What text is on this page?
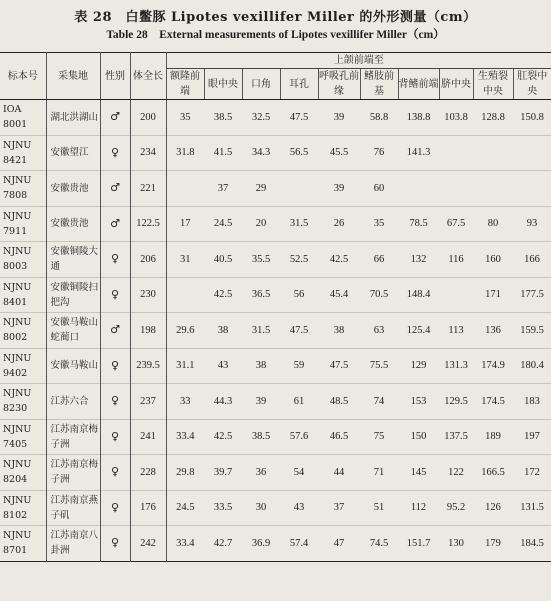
表 28　白鳖豚 Lipotes vexillifer Miller 的外形测量（cm）
Table 28　External measurements of Lipotes vexillifer Miller（cm）
标本号	采集地	性别	体全长	上颌前端至									
				额隆前端	眼中央	口角	耳孔	呼吸孔前缘	鳍肢前基	背鳍前端	脐中央	生殖裂中央	肛裂中央
IOA 8001	湖北洪湖山	♂	200	35	38.5	32.5	47.5	39	58.8	138.8	103.8	128.8	150.8
NJNU 8421	安徽望江	♀	234	31.8	41.5	34.3	56.5	45.5	76	141.3			
NJNU 7808	安徽贵池	♂	221		37	29		39	60				
NJNU 7911	安徽贵池	♂	122.5	17	24.5	20	31.5	26	35	78.5	67.5	80	93
NJNU 8003	安徽铜陵大通	♀	206	31	40.5	35.5	52.5	42.5	66	132	116	160	166
NJNU 8401	安徽铜陵扫把沟	♀	230		42.5	36.5	56	45.4	70.5	148.4		171	177.5
NJNU 8002	安徽马鞍山蛇蔺口	♂	198	29.6	38	31.5	47.5	38	63	125.4	113	136	159.5
NJNU 9402	安徽马鞍山	♀	239.5	31.1	43	38	59	47.5	75.5	129	131.3	174.9	180.4
NJNU 8230	江苏六合	♀	237	33	44.3	39	61	48.5	74	153	129.5	174.5	183
NJNU 7405	江苏南京梅子洲	♀	241	33.4	42.5	38.5	57.6	46.5	75	150	137.5	189	197
NJNU 8204	江苏南京梅子洲	♀	228	29.8	39.7	36	54	44	71	145	122	166.5	172
NJNU 8102	江苏南京燕子矶	♀	176	24.5	33.5	30	43	37	51	112	95.2	126	131.5
NJNU 8701	江苏南京八卦洲	♀	242	33.4	42.7	36.9	57.4	47	74.5	151.7	130	179	184.5
